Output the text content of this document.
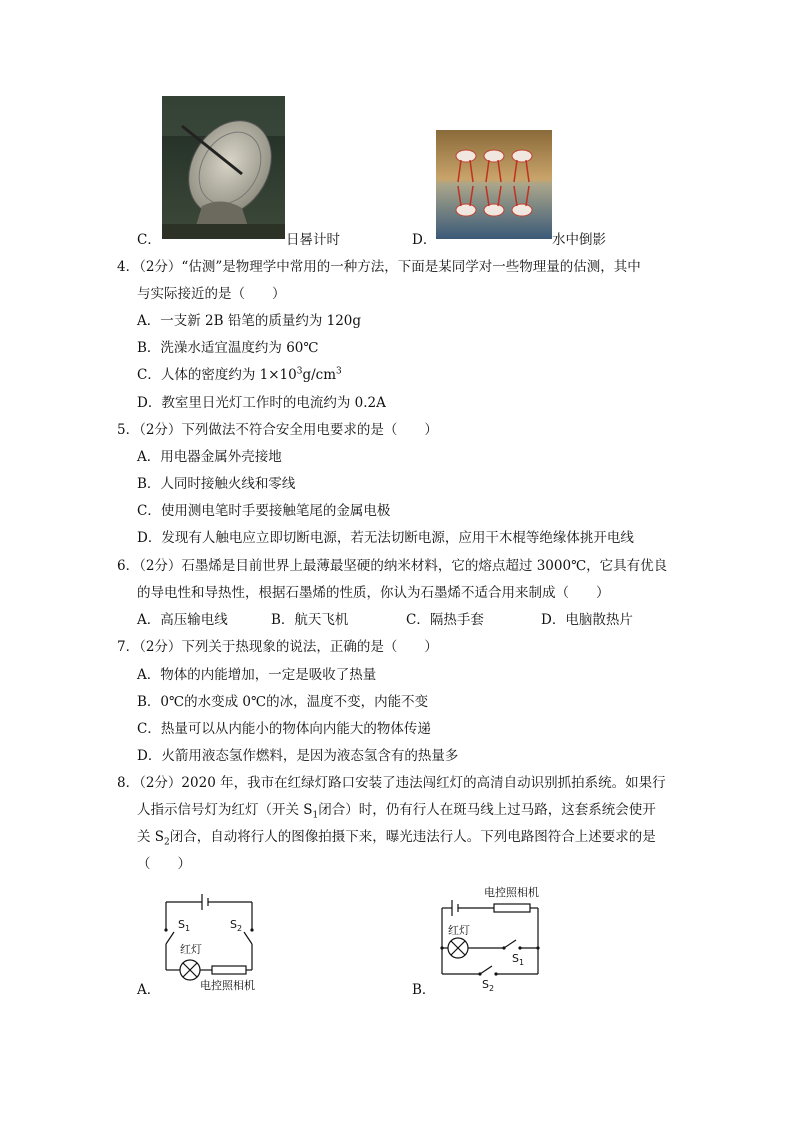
C．	日晷计时	D．	水中倒影
4．（2分）“估测”是物理学中常用的一种方法，下面是某同学对一些物理量的估测，其中
与实际接近的是（　　）
A．一支新 2B 铅笔的质量约为 120g
B．洗澡水适宜温度约为 60℃
C．人体的密度约为 $1\times 10^3g/cm^3$
D．教室里日光灯工作时的电流约为 0.2A
5．（2分）下列做法不符合安全用电要求的是（　　）
A．用电器金属外壳接地
B．人同时接触火线和零线
C．使用测电笔时手要接触笔尾的金属电极
D．发现有人触电应立即切断电源，若无法切断电源，应用干木棍等绝缘体挑开电线
6．（2分）石墨烯是目前世界上最薄最坚硬的纳米材料，它的熔点超过 3000℃，它具有优良
的导电性和导热性，根据石墨烯的性质，你认为石墨烯不适合用来制成（　　）
A．高压输电线	B．航天飞机	C．隔热手套	D．电脑散热片
7．（2分）下列关于热现象的说法，正确的是（　　）
A．物体的内能增加，一定是吸收了热量
B．0℃的水变成 0℃的冰，温度不变，内能不变
C．热量可以从内能小的物体向内能大的物体传递
D．火箭用液态氢作燃料，是因为液态氢含有的热量多
8．（2分）2020 年，我市在红绿灯路口安装了违法闯红灯的高清自动识别抓拍系统。如果行
人指示信号灯为红灯（开关 $S_1$闭合）时，仍有行人在斑马线上过马路，这套系统会使开
关 $S_2$闭合，自动将行人的图像拍摄下来，曝光违法行人。下列电路图符合上述要求的是
（　　）
A．
$S_1$	$S_2$
红灯
电控照相机	B．
电控照相机
红灯
$S_1$
$S_2$
